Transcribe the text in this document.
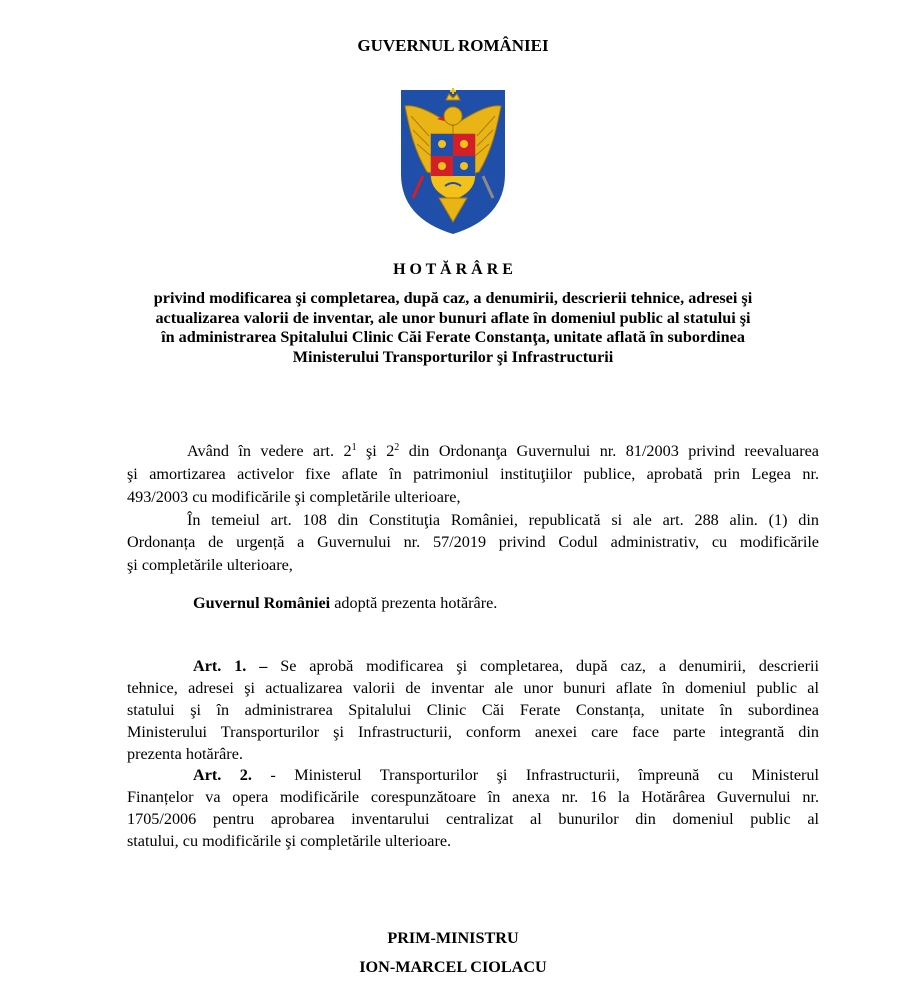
GUVERNUL ROMÂNIEI
H O T Ă R Â R E
privind modificarea şi completarea, după caz, a denumirii, descrierii tehnice, adresei şi
actualizarea valorii de inventar, ale unor bunuri aflate în domeniul public al statului şi
în administrarea Spitalului Clinic Căi Ferate Constanţa, unitate aflată în subordinea
Ministerului Transporturilor şi Infrastructurii
Având în vedere art. $2^1$ şi $2^2$ din Ordonanţa Guvernului nr. 81/2003 privind reevaluarea
şi amortizarea activelor fixe aflate în patrimoniul instituţiilor publice, aprobată prin Legea nr.
493/2003 cu modificările şi completările ulterioare,
În temeiul art. 108 din Constituţia României, republicată si ale art. 288 alin. (1) din
Ordonanța de urgență a Guvernului nr. 57/2019 privind Codul administrativ, cu modificările
şi completările ulterioare,
Guvernul României adoptă prezenta hotărâre.
Art. 1. – Se aprobă modificarea şi completarea, după caz, a denumirii, descrierii
tehnice, adresei şi actualizarea valorii de inventar ale unor bunuri aflate în domeniul public al
statului şi în administrarea Spitalului Clinic Căi Ferate Constanța, unitate în subordinea
Ministerului Transporturilor şi Infrastructurii, conform anexei care face parte integrantă din
prezenta hotărâre.
Art. 2. - Ministerul Transporturilor şi Infrastructurii, împreună cu Ministerul
Finanțelor va opera modificările corespunzătoare în anexa nr. 16 la Hotărârea Guvernului nr.
1705/2006 pentru aprobarea inventarului centralizat al bunurilor din domeniul public al
statului, cu modificările şi completările ulterioare.
PRIM-MINISTRU
ION-MARCEL CIOLACU
